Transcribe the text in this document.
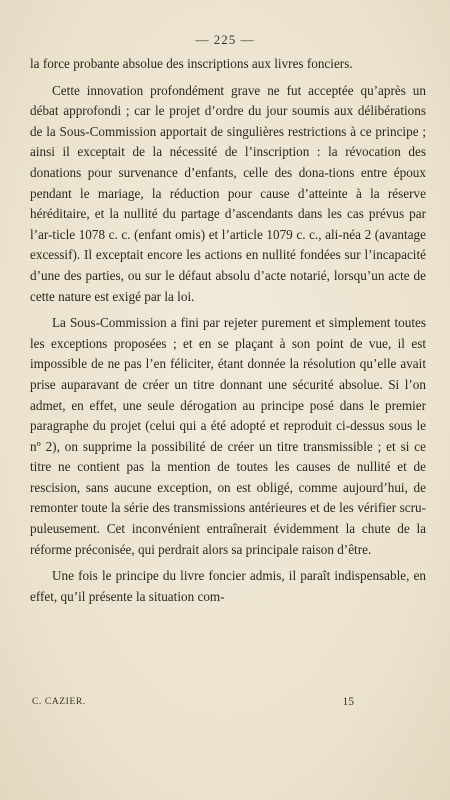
— 225 —

la force probante absolue des inscriptions aux livres fonciers.

Cette innovation profondément grave ne fut acceptée qu’après un débat approfondi ; car le projet d’ordre du jour soumis aux délibérations de la Sous-Commission apportait de singulières restrictions à ce principe ; ainsi il exceptait de la nécessité de l’inscription : la révocation des donations pour survenance d’enfants, celle des dona-tions entre époux pendant le mariage, la réduction pour cause d’atteinte à la réserve héréditaire, et la nullité du partage d’ascendants dans les cas prévus par l’ar-ticle 1078 c. c. (enfant omis) et l’article 1079 c. c., ali-néa 2 (avantage excessif). Il exceptait encore les actions en nullité fondées sur l’incapacité d’une des parties, ou sur le défaut absolu d’acte notarié, lorsqu’un acte de cette nature est exigé par la loi.

La Sous-Commission a fini par rejeter purement et simplement toutes les exceptions proposées ; et en se plaçant à son point de vue, il est impossible de ne pas l’en féliciter, étant donnée la résolution qu’elle avait prise auparavant de créer un titre donnant une sécurité absolue. Si l’on admet, en effet, une seule dérogation au principe posé dans le premier paragraphe du projet (celui qui a été adopté et reproduit ci-dessus sous le nº 2), on supprime la possibilité de créer un titre transmissible ; et si ce titre ne contient pas la mention de toutes les causes de nullité et de rescision, sans aucune exception, on est obligé, comme aujourd’hui, de remonter toute la série des transmissions antérieures et de les vérifier scru-puleusement. Cet inconvénient entraînerait évidemment la chute de la réforme préconisée, qui perdrait alors sa principale raison d’être.

Une fois le principe du livre foncier admis, il paraît indispensable, en effet, qu’il présente la situation com-

C. CAZIER.	15
